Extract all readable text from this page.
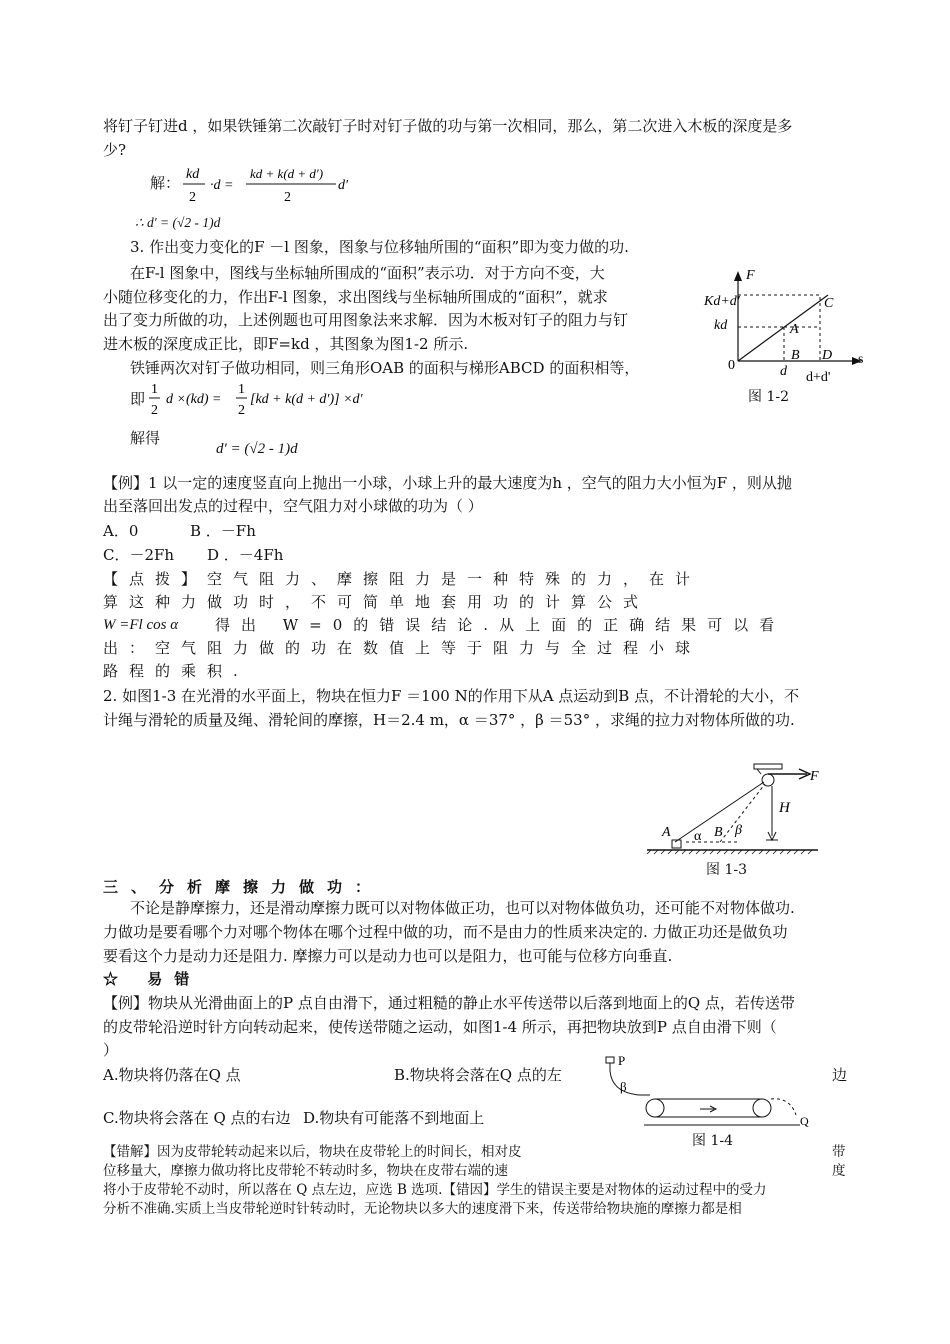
将钉子钉进d ，如果铁锤第二次敲钉子时对钉子做的功与第一次相同，那么，第二次进入木板的深度是多
少?
解： kd
2
·d =
kd + k(d + d′)
2
d′
∴ d′ = (√2 - 1)d
3. 作出变力变化的F －l 图象，图象与位移轴所围的“面积”即为变力做的功.
在F-l 图象中，图线与坐标轴所围成的“面积”表示功．对于方向不变，大
小随位移变化的力，作出F-l 图象，求出图线与坐标轴所围成的“面积”，就求
出了变力所做的功，上述例题也可用图象法来求解．因为木板对钉子的阻力与钉
进木板的深度成正比，即F=kd ，其图象为图1-2 所示.
铁锤两次对钉子做功相同，则三角形OAB 的面积与梯形ABCD 的面积相等，
即
1
2
d ×(kd) =
1
2
[kd + k(d + d′)] ×d′
解得
d′ = (√2 - 1)d
F
s
0
Kd+d'
kd	A
B
C
D
d d+d'
图 1-2
【例】1 以一定的速度竖直向上抛出一小球，小球上升的最大速度为h ，空气的阻力大小恒为F ，则从抛
出至落回出发点的过程中，空气阻力对小球做的功为（ ）
A．0	B ．－Fh
C．－2Fh D ．－4Fh
【点拨】空气阻力、摩擦阻力是一种特殊的力，在计
算这种力做功时，不可简单地套用功的计算公式
W =Fl cos α 得出 W=0的错误结论.从上面的正确结果可以看
出：空气阻力做的功在数值上等于阻力与全过程小球
路程的乘积.
2. 如图1-3 在光滑的水平面上，物块在恒力F ＝100 N的作用下从A 点运动到B 点，不计滑轮的大小，不
计绳与滑轮的质量及绳、滑轮间的摩擦，H＝2.4 m，α ＝37° ，β ＝53° ，求绳的拉力对物体所做的功.
F
H
A α B β
图 1-3
三、分析摩擦力做功：
不论是静摩擦力，还是滑动摩擦力既可以对物体做正功，也可以对物体做负功，还可能不对物体做功.
力做功是要看哪个力对哪个物体在哪个过程中做的功，而不是由力的性质来决定的. 力做正功还是做负功
要看这个力是动力还是阻力. 摩擦力可以是动力也可以是阻力，也可能与位移方向垂直.
☆ 易错
【例】物块从光滑曲面上的P 点自由滑下，通过粗糙的静止水平传送带以后落到地面上的Q 点，若传送带
的皮带轮沿逆时针方向转动起来，使传送带随之运动，如图1-4 所示，再把物块放到P 点自由滑下则（
）
A.物块将仍落在Q 点	B.物块将会落在Q 点的左	边
C.物块将会落在 Q 点的右边 D.物块有可能落不到地面上
P
β
Q
图 1-4
【错解】因为皮带轮转动起来以后，物块在皮带轮上的时间长，相对皮	带
位移量大，摩擦力做功将比皮带轮不转动时多，物块在皮带右端的速	度
将小于皮带轮不动时，所以落在 Q 点左边，应选 B 选项.【错因】学生的错误主要是对物体的运动过程中的受力
分析不准确.实质上当皮带轮逆时针转动时，无论物块以多大的速度滑下来，传送带给物块施的摩擦力都是相
